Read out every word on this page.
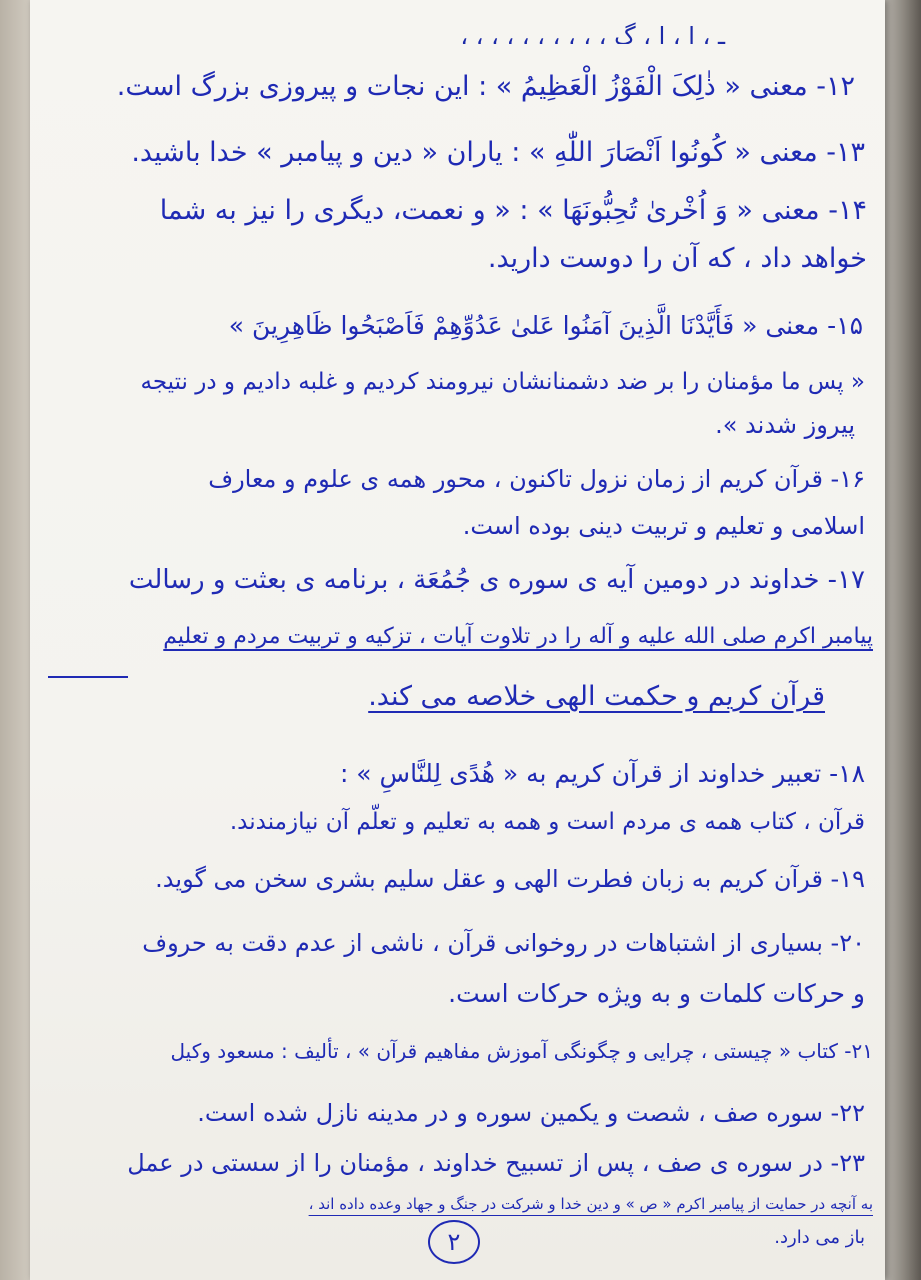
ـ ، ا ، ا ، گ ، ، ، ، ، ، ، ، ، ،
۱۲- معنی « ذٰلِکَ الْفَوْزُ الْعَظِیمُ » : این نجات و پیروزی بزرگ است.
۱۳- معنی « کُونُوا اَنْصَارَ اللّٰهِ » : یاران « دین و پیامبر » خدا باشید.
۱۴- معنی « وَ اُخْرىٰ تُحِبُّونَهَا » : « و نعمت، دیگری را نیز به شما
خواهد داد ، که آن را دوست دارید.
۱۵- معنی « فَأَیَّدْنَا الَّذِینَ آمَنُوا عَلىٰ عَدُوِّهِمْ فَاَصْبَحُوا ظَاهِرِینَ »
« پس ما مؤمنان را بر ضد دشمنانشان نیرومند کردیم و غلبه دادیم و در نتیجه
پیروز شدند ».
۱۶- قرآن کریم از زمان نزول تاکنون ، محور همه ی علوم و معارف
اسلامی و تعلیم و تربیت دینی بوده است.
۱۷- خداوند در دومین آیه ی سوره ی جُمُعَة ، برنامه ی بعثت و رسالت
پیامبر اکرم صلی الله علیه و آله را در تلاوت آیات ، تزکیه و تربیت مردم و تعلیم
قرآن کریم و حکمت الهی خلاصه می کند.
۱۸- تعبیر خداوند از قرآن کریم به « هُدًی لِلنَّاسِ » :
قرآن ، کتاب همه ی مردم است و همه به تعلیم و تعلّم آن نیازمندند.
۱۹- قرآن کریم به زبان فطرت الهی و عقل سلیم بشری سخن می گوید.
۲۰- بسیاری از اشتباهات در روخوانی قرآن ، ناشی از عدم دقت به حروف
و حرکات کلمات و به ویژه حرکات است.
۲۱- کتاب « چیستی ، چرایی و چگونگی آموزش مفاهیم قرآن » ، تألیف : مسعود وکیل
۲۲- سوره صف ، شصت و یکمین سوره و در مدینه نازل شده است.
۲۳- در سوره ی صف ، پس از تسبیح خداوند ، مؤمنان را از سستی در عمل
به آنچه در حمایت از پیامبر اکرم « ص » و دین خدا و شرکت در جنگ و جهاد وعده داده اند ،
باز می دارد.
۲
